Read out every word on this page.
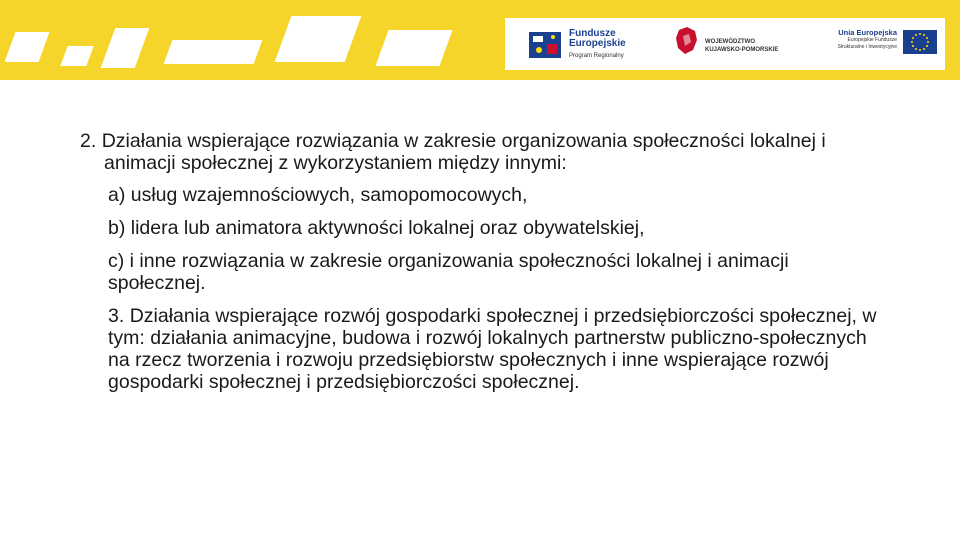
Fundusze
Europejskie
Program Regionalny
WOJEWÓDZTWO
KUJAWSKO-POMORSKIE
Unia Europejska
Europejskie Fundusze
Strukturalne i Inwestycyjne

2. Działania wspierające rozwiązania w zakresie organizowania społeczności lokalnej i animacji społecznej z wykorzystaniem między innymi:

a) usług wzajemnościowych, samopomocowych,

b) lidera lub animatora aktywności lokalnej oraz obywatelskiej,

c) i inne rozwiązania w zakresie organizowania społeczności lokalnej i animacji społecznej.

3. Działania wspierające rozwój gospodarki społecznej i przedsiębiorczości społecznej, w tym: działania animacyjne, budowa i rozwój lokalnych partnerstw publiczno-społecznych na rzecz tworzenia i rozwoju przedsiębiorstw społecznych i inne wspierające rozwój gospodarki społecznej i przedsiębiorczości społecznej.
